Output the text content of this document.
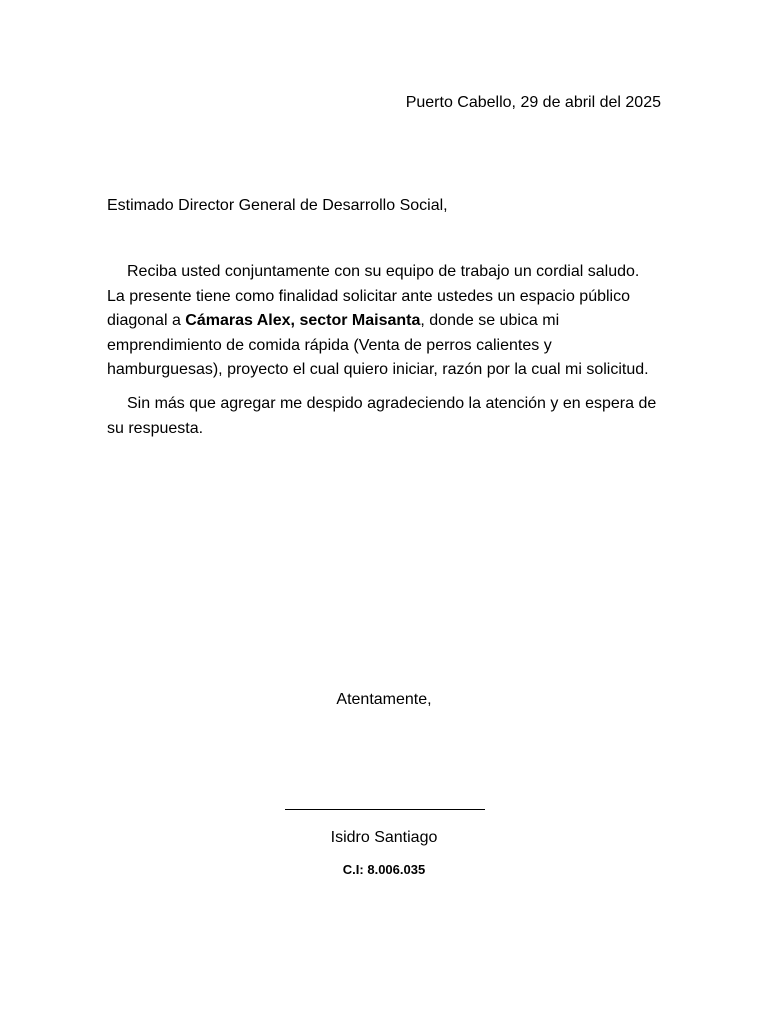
Puerto Cabello, 29 de abril del 2025
Estimado Director General de Desarrollo Social,

Reciba usted conjuntamente con su equipo de trabajo un cordial saludo. La presente tiene como finalidad solicitar ante ustedes un espacio público diagonal a Cámaras Alex, sector Maisanta, donde se ubica mi emprendimiento de comida rápida (Venta de perros calientes y hamburguesas), proyecto el cual quiero iniciar, razón por la cual mi solicitud.

Sin más que agregar me despido agradeciendo la atención y en espera de su respuesta.

Atentamente,
Isidro Santiago
C.I: 8.006.035
